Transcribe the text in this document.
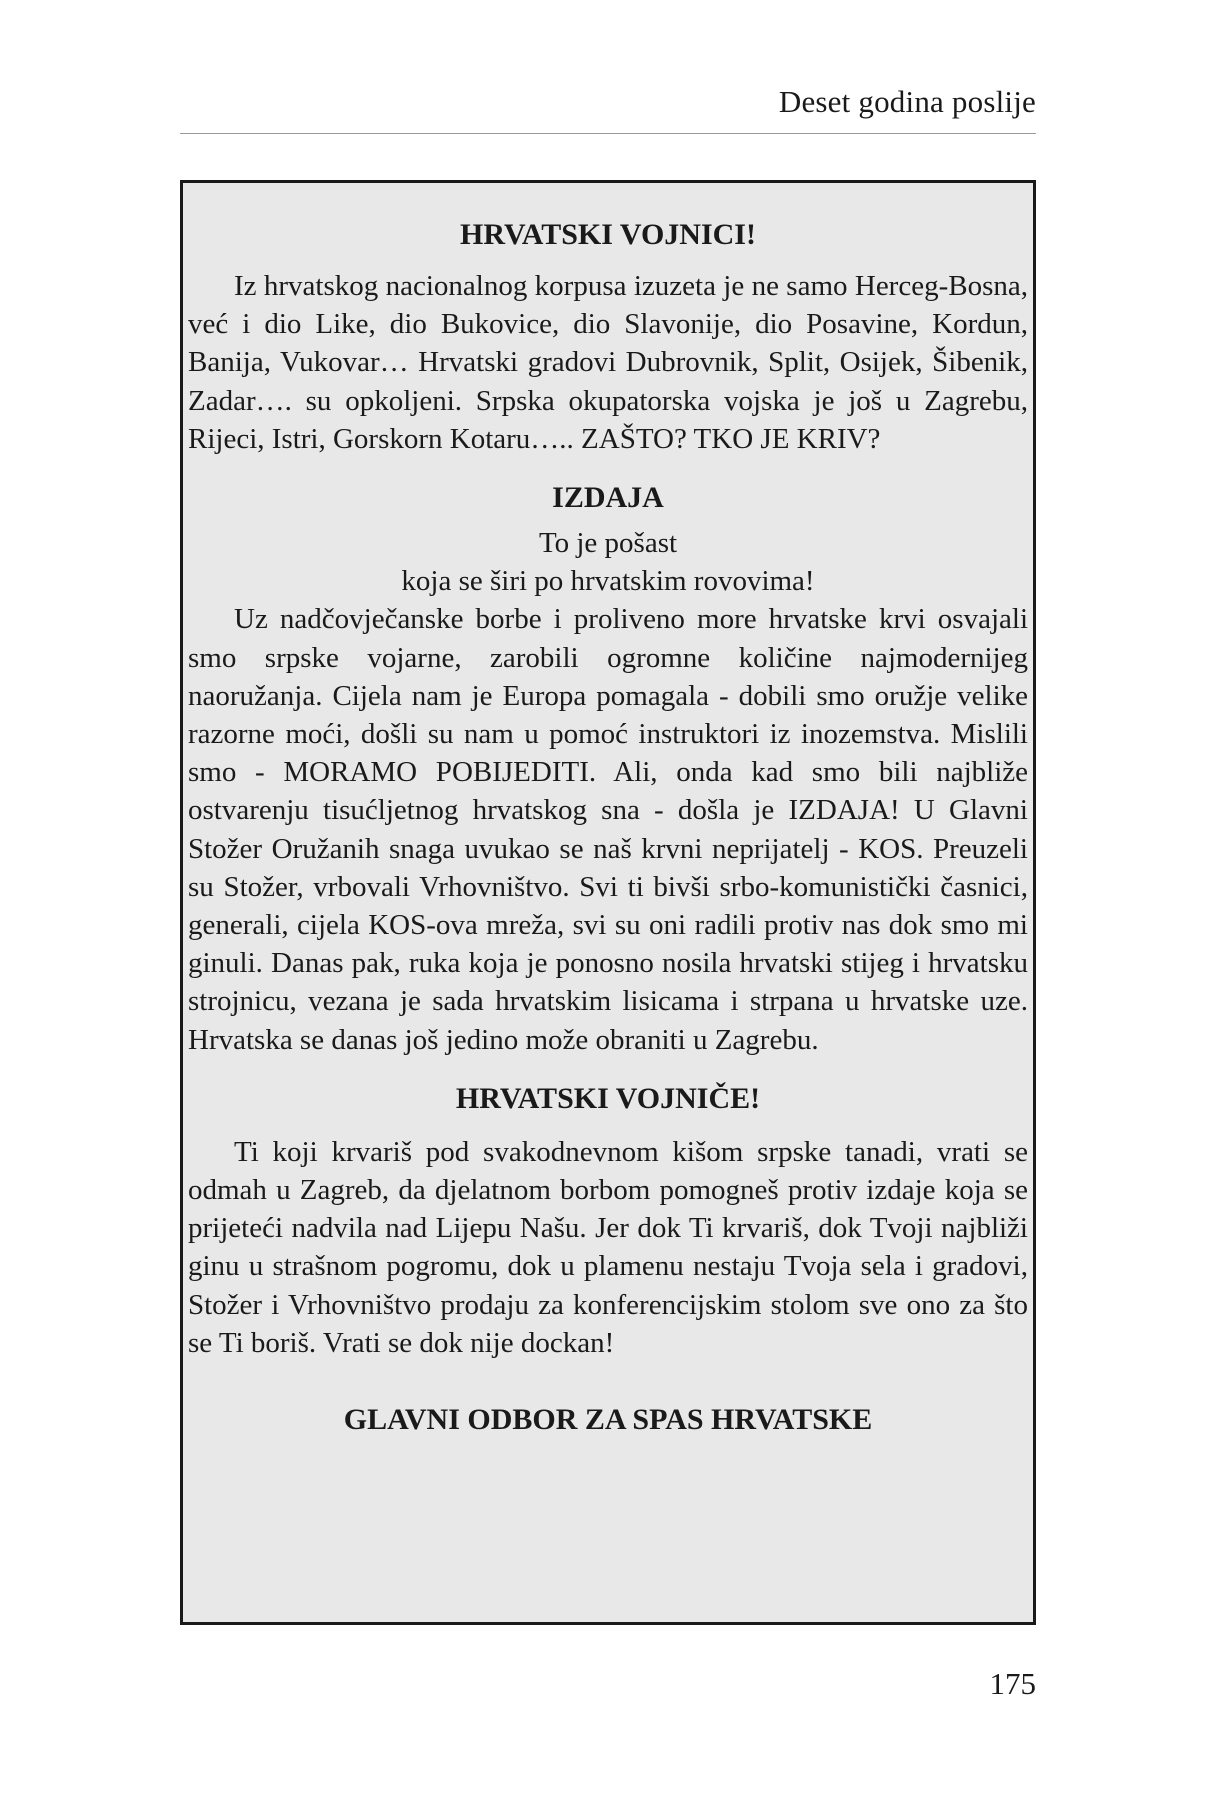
Deset godina poslije
HRVATSKI VOJNICI!

Iz hrvatskog nacionalnog korpusa izuzeta je ne samo Herceg-Bosna, već i dio Like, dio Bukovice, dio Slavonije, dio Posavine, Kordun, Banija, Vukovar… Hrvatski gradovi Dubrovnik, Split, Osijek, Šibenik, Zadar…. su opkoljeni. Srpska okupatorska vojska je još u Zagrebu, Rijeci, Istri, Gorskorn Kotaru….. ZAŠTO? TKO JE KRIV?

IZDAJA
To je pošast
koja se širi po hrvatskim rovovima!

Uz nadčovječanske borbe i proliveno more hrvatske krvi osvajali smo srpske vojarne, zarobili ogromne količine najmodernijeg naoružanja. Cijela nam je Europa pomagala - dobili smo oružje velike razorne moći, došli su nam u pomoć instruktori iz inozemstva. Mislili smo - MORAMO POBIJEDITI. Ali, onda kad smo bili najbliže ostvarenju tisućljetnog hrvatskog sna - došla je IZDAJA! U Glavni Stožer Oružanih snaga uvukao se naš krvni neprijatelj - KOS. Preuzeli su Stožer, vrbovali Vrhovništvo. Svi ti bivši srbo-komunistički časnici, generali, cijela KOS-ova mreža, svi su oni radili protiv nas dok smo mi ginuli. Danas pak, ruka koja je ponosno nosila hrvatski stijeg i hrvatsku strojnicu, vezana je sada hrvatskim lisicama i strpana u hrvatske uze. Hrvatska se danas još jedino može obraniti u Zagrebu.

HRVATSKI VOJNIČE!

Ti koji krvariš pod svakodnevnom kišom srpske tanadi, vrati se odmah u Zagreb, da djelatnom borbom pomogneš protiv izdaje koja se prijeteći nadvila nad Lijepu Našu. Jer dok Ti krvariš, dok Tvoji najbliži ginu u strašnom pogromu, dok u plamenu nestaju Tvoja sela i gradovi, Stožer i Vrhovništvo prodaju za konferencijskim stolom sve ono za što se Ti boriš. Vrati se dok nije dockan!

GLAVNI ODBOR ZA SPAS HRVATSKE
175
